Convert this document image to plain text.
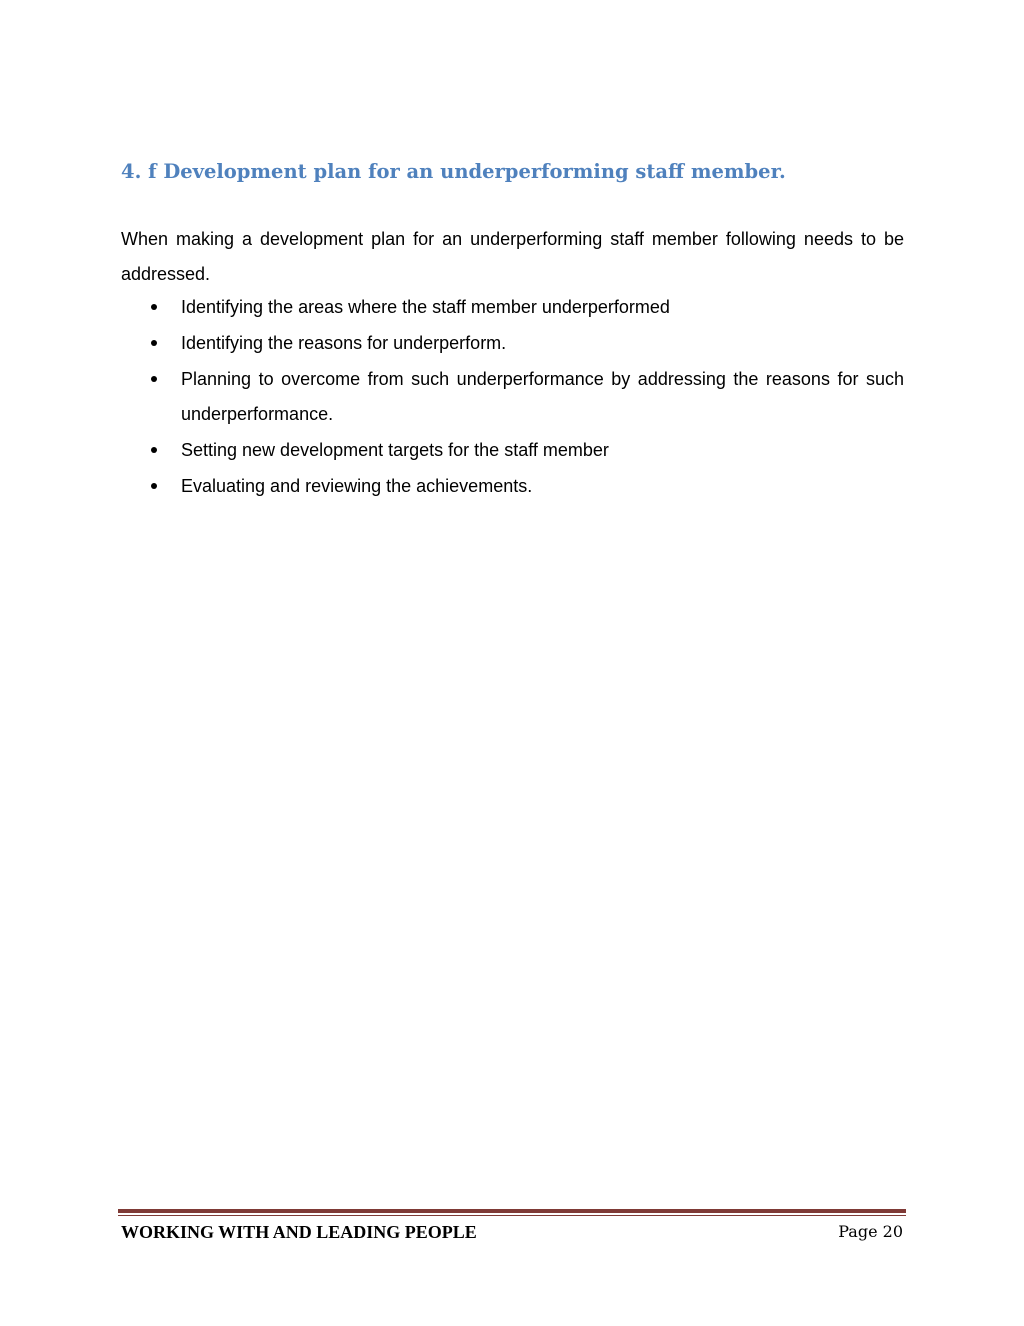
4. f Development plan for an underperforming staff member.

When making a development plan for an underperforming staff member following needs to be addressed.

Identifying the areas where the staff member underperformed
Identifying the reasons for underperform.
Planning to overcome from such underperformance by addressing the reasons for such underperformance.
Setting new development targets for the staff member
Evaluating and reviewing the achievements.
WORKING WITH AND LEADING PEOPLE	Page 20
